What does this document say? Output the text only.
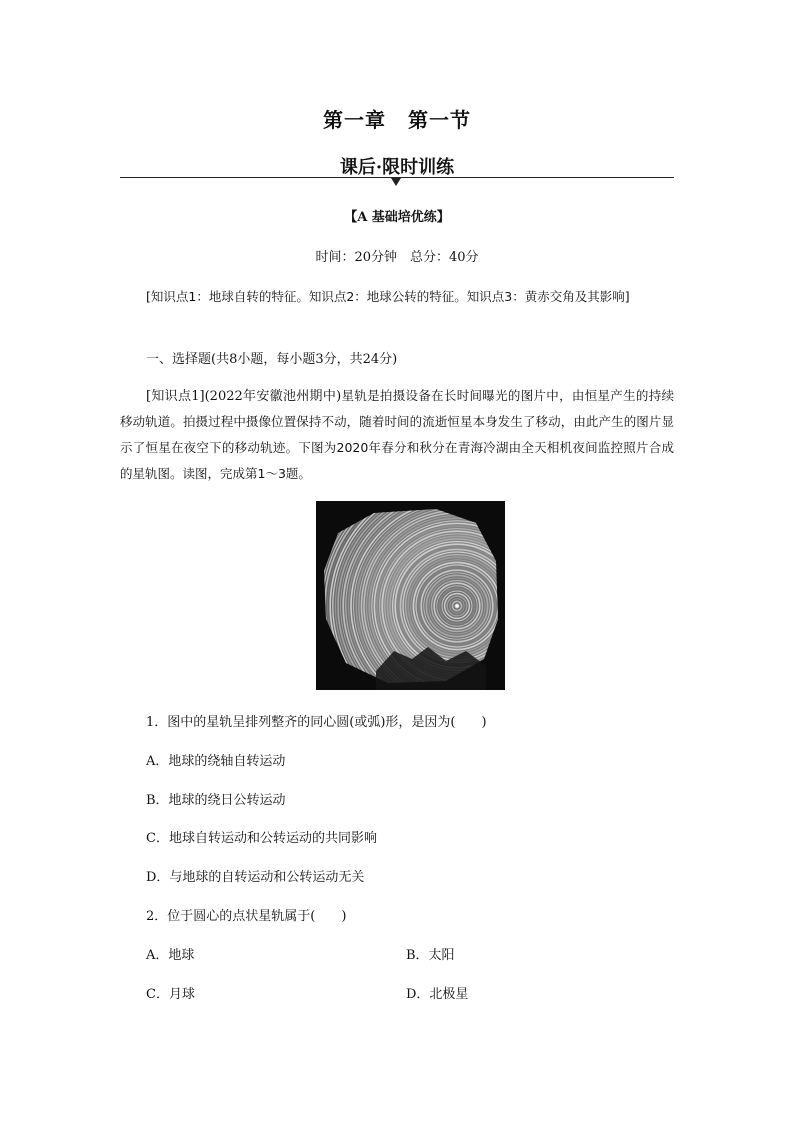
第一章 第一节
课后·限时训练
【A 基础培优练】
时间：20分钟　总分：40分
[知识点1：地球自转的特征。知识点2：地球公转的特征。知识点3：黄赤交角及其影响]
一、选择题(共8小题，每小题3分，共24分)
[知识点1](2022年安徽池州期中)星轨是拍摄设备在长时间曝光的图片中，由恒星产生的持续移动轨道。拍摄过程中摄像位置保持不动，随着时间的流逝恒星本身发生了移动，由此产生的图片显示了恒星在夜空下的移动轨迹。下图为2020年春分和秋分在青海冷湖由全天相机夜间监控照片合成的星轨图。读图，完成第1～3题。
1．图中的星轨呈排列整齐的同心圆(或弧)形，是因为(　　)
A．地球的绕轴自转运动
B．地球的绕日公转运动
C．地球自转运动和公转运动的共同影响
D．与地球的自转运动和公转运动无关
2．位于圆心的点状星轨属于(　　)
A．地球	B．太阳
C．月球	D．北极星
